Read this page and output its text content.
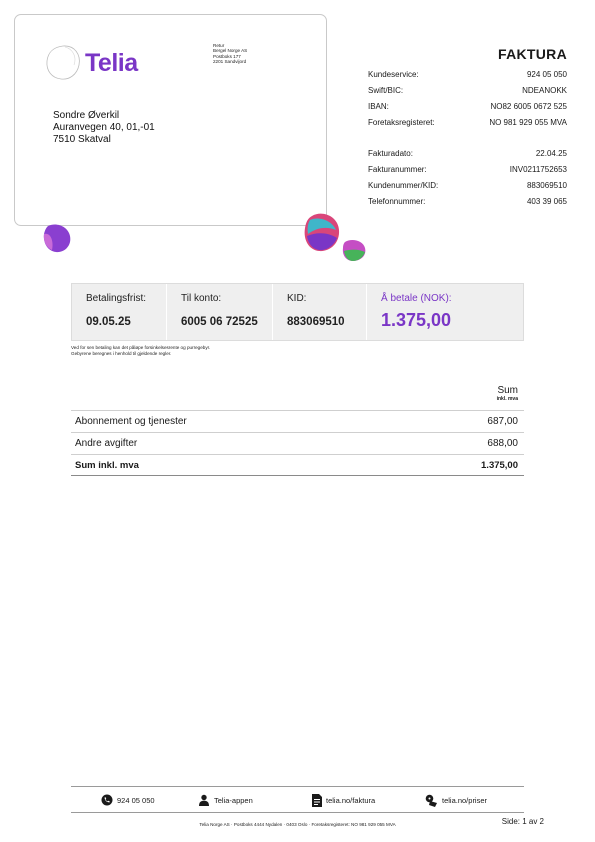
Telia
Retur
Bergel Norge AS
Postboks 177
2201 Sandvijord
Sondre Øverkil
Auranvegen 40, 01,-01
7510 Skatval
FAKTURA
Kundeservice:	924 05 050
Swift/BIC:	NDEANOKK
IBAN:	NO82 6005 0672 525
Foretaksregisteret:	NO 981 929 055 MVA
Fakturadato:	22.04.25
Fakturanummer:	INV0211752653
Kundenummer/KID:	883069510
Telefonnummer:	403 39 065
Betalingsfrist:
09.05.25
Til konto:
6005 06 72525
KID:
883069510
Å betale (NOK):
1.375,00
Ved for sen betaling kan det påløpe forsinkelsesrente og purregebyr.
Gebyrene beregnes i henhold til gjeldende regler.
Sum
inkl. mva
Abonnement og tjenester	687,00
Andre avgifter	688,00
Sum inkl. mva	1.375,00
924 05 050	Telia-appen	telia.no/faktura	telia.no/priser
Telia Norge AS · Postboks 4444 Nydalen · 0403 Oslo · Foretaksregisteret: NO 981 929 055 MVA	Side: 1 av 2
